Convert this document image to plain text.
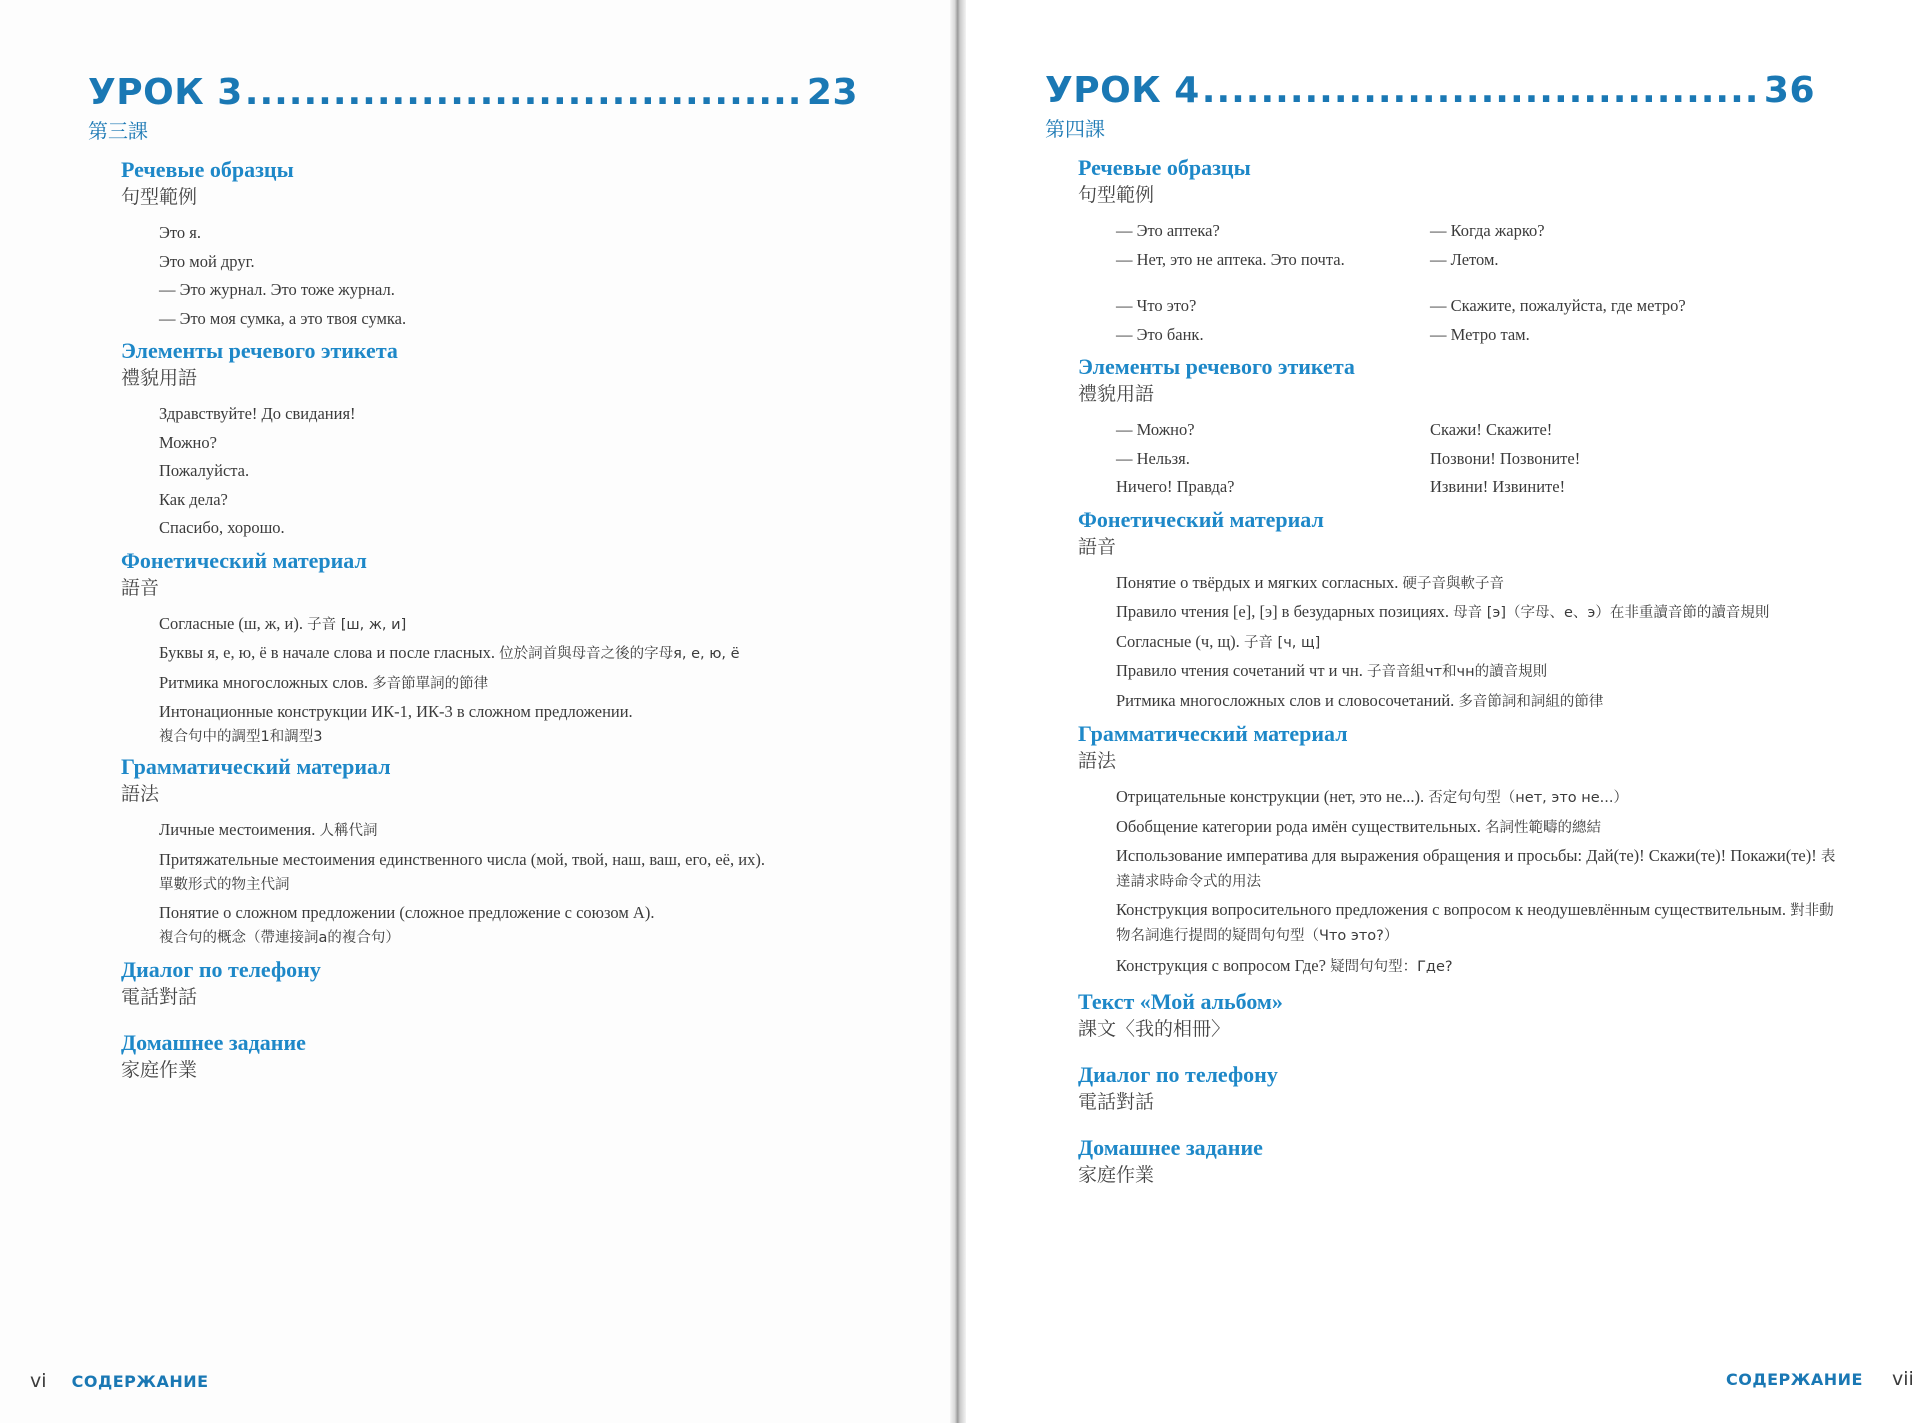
УРОК 3 .....	23
第三課
Речевые образцы
句型範例
Это я.
Это мой друг.
— Это журнал. Это тоже журнал.
— Это моя сумка, а это твоя сумка.
Элементы речевого этикета
禮貌用語
Здравствуйте! До свидания!
Можно?
Пожалуйста.
Как дела?
Спасибо, хорошо.
Фонетический материал
語音
Согласные (ш, ж, и). 子音 [ш, ж, и]
Буквы я, е, ю, ё в начале слова и после гласных. 位於詞首與母音之後的字母я, е, ю, ё
Ритмика многосложных слов. 多音節單詞的節律
Интонационные конструкции ИК-1, ИК-3 в сложном предложении.
複合句中的調型1和調型3
Грамматический материал
語法
Личные местоимения. 人稱代詞
Притяжательные местоимения единственного числа (мой, твой, наш, ваш, его, её, их).
單數形式的物主代詞
Понятие о сложном предложении (сложное предложение с союзом А).
複合句的概念（帶連接詞a的複合句）
Диалог по телефону
電話對話
Домашнее задание
家庭作業
vi СОДЕРЖАНИЕ
УРОК 4 .....	36
第四課
Речевые образцы
句型範例
— Это аптека?	— Когда жарко?
— Нет, это не аптека. Это почта.	— Летом.
— Что это?	— Скажите, пожалуйста, где метро?
— Это банк.	— Метро там.
Элементы речевого этикета
禮貌用語
— Можно?	Скажи! Скажите!
— Нельзя.	Позвони! Позвоните!
Ничего! Правда?	Извини! Извините!
Фонетический материал
語音
Понятие о твёрдых и мягких согласных. 硬子音與軟子音
Правило чтения [е], [э] в безударных позициях. 母音 [э]（字母、е、э）在非重讀音節的讀音規則
Согласные (ч, щ). 子音 [ч, щ]
Правило чтения сочетаний чт и чн. 子音音組чт和чн的讀音規則
Ритмика многосложных слов и словосочетаний. 多音節詞和詞組的節律
Грамматический материал
語法
Отрицательные конструкции (нет, это не...). 否定句句型（нет, это не...）
Обобщение категории рода имён существительных. 名詞性範疇的總結
Использование императива для выражения обращения и просьбы: Дай(те)! Скажи(те)! Покажи(те)! 表達請求時命令式的用法
Конструкция вопросительного предложения с вопросом к неодушевлённым существительным. 對非動物名詞進行提問的疑問句句型（Что это?）
Конструкция с вопросом Где? 疑問句句型：Где?
Текст «Мой альбом»
課文〈我的相冊〉
Диалог по телефону
電話對話
Домашнее задание
家庭作業
СОДЕРЖАНИЕ vii
